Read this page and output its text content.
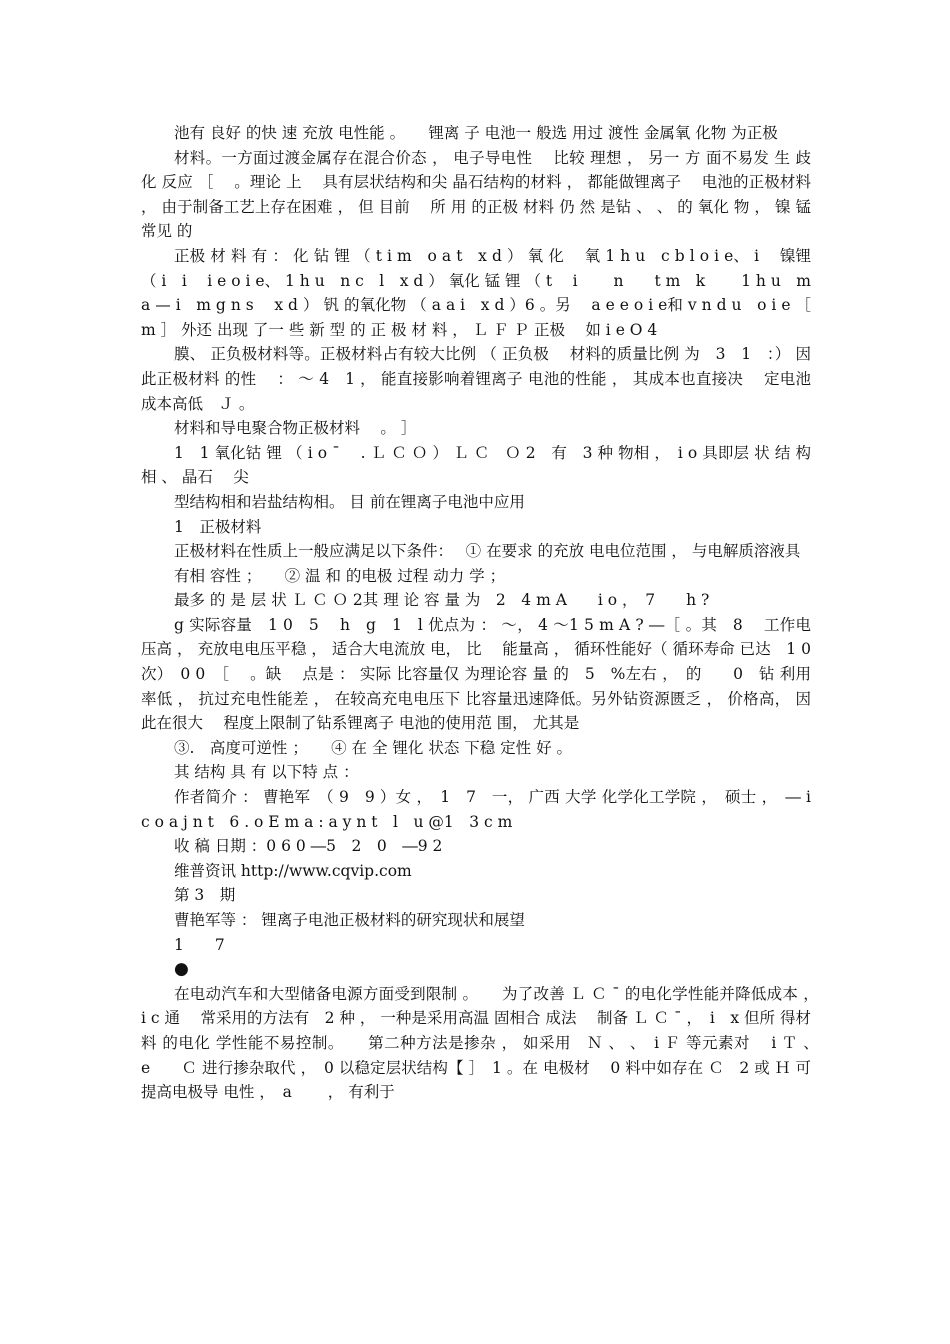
池有 良好 的快 速 充放 电性能 。　　锂离 子 电池一 般选 用过 渡性 金属氧 化物 为正极

材料。一方面过渡金属存在混合价态 ， 电子导电性　 比较 理想 ， 另一 方 面不易发 生 歧 化 反应 ［　 。理论 上　 具有层状结构和尖 晶石结构的材料 ， 都能做锂离子　 电池的正极材料 ， 由于制备工艺上存在困难 ， 但 目前　 所 用 的正极 材料 仍 然 是钻 、 、 的 氧化 物 ， 镍 锰 常见 的

正极 材 料 有 ： 化 钻 锂 （ t i m　o a t　x d ） 氧 化　 氧 1 h u　c b l o i e、 i　 镍锂 （ i　i　 i e o i e、 1 h u　n c　l　x d ） 氧化 锰 锂 （ t　 i　　 n　　t m　k　　 1 h u　m a — i　m g n s　 x d ） 钒 的氧化物 （ a a i　x d ）6 。另　 a e e o i e和 v n d u　o i e ［ m ］ 外还 出现 了一 些 新 型 的 正 极 材 料 ， Ｌ Ｆ Ｐ 正极　 如 i e O 4

膜、 正负极材料等。正极材料占有较大比例 （ 正负极　 材料的质量比例 为　3　1　：） 因此正极材料 的性　 ： ～ 4　1 ， 能直接影响着锂离子 电池的性能 ， 其成本也直接决　 定电池成本高低　Ｊ 。

材料和导电聚合物正极材料　 。 ］

1　1 氧化钴 锂 （ i o ¯　 . Ｌ Ｃ Ｏ ） Ｌ Ｃ　Ｏ 2　有　3 种 物相 ，　i o 具即层 状 结 构 相 、 晶石　 尖

型结构相和岩盐结构相。 目 前在锂离子电池中应用

1　正极材料

正极材料在性质上一般应满足以下条件：　 ① 在要求 的充放 电电位范围 ， 与电解质溶液具

有相 容性 ；　　② 温 和 的电极 过程 动力 学 ；

最多 的 是 层 状 Ｌ Ｃ Ｏ 2其 理 论 容 量 为　2　4 m A　　i o ，　7　　h ?

g 实际容量　1 0　5　 h　g　1　l 优点为 ： ～， 4 ～1 5 m A ? ―［ 。其　8　 工作电压高 ， 充放电电压平稳 ， 适合大电流放 电， 比　 能量高 ， 循环性能好（ 循环寿命 已达　1 0　次）　0 0　［　 。缺　 点是 ： 实际 比容量仅 为理论容 量 的　5　%左右 ，　的　　0　钻 利用率低 ， 抗过充电性能差 ， 在较高充电电压下 比容量迅速降低。另外钻资源匮乏 ， 价格高， 因此在很大　 程度上限制了钻系锂离子 电池的使用范 围， 尤其是

③.　高度可逆性 ；　　④ 在 全 锂化 状态 下稳 定性 好 。

其 结构 具 有 以下特 点 ：

作者简介 ： 曹艳军　（ 9　9 ）女 ，　1　7　一， 广西 大学 化学化工学院 ，　硕士 ，　― i　c o a j n t　6 . o E m a : a y n t　l　u @1　3 c m

收 稿 日期 ：0 6 0 ―5　2　0　―9 2

维普资讯 http://www.cqvip.com

第 3　期

曹艳军等 ： 锂离子电池正极材料的研究现状和展望

1　　7

●

在电动汽车和大型储备电源方面受到限制 。　　为了改善 Ｌ Ｃ ¯ 的电化学性能并降低成本 ，　i c 通　 常采用的方法有　2 种 ， 一种是采用高温 固相合 成法　 制备 Ｌ Ｃ ¯ ，　i　x 但所 得材料 的电化 学性能不易控制。　　第二种方法是掺杂 ， 如采用　Ｎ 、 、　i Ｆ 等元素对　 i Ｔ 、　e　　Ｃ 进行掺杂取代 ，　0 以稳定层状结构【 ］　1 。在 电极材　 0 料中如存在 Ｃ　2 或 Ｈ 可提高电极导 电性 ，　a　　 ， 有利于
